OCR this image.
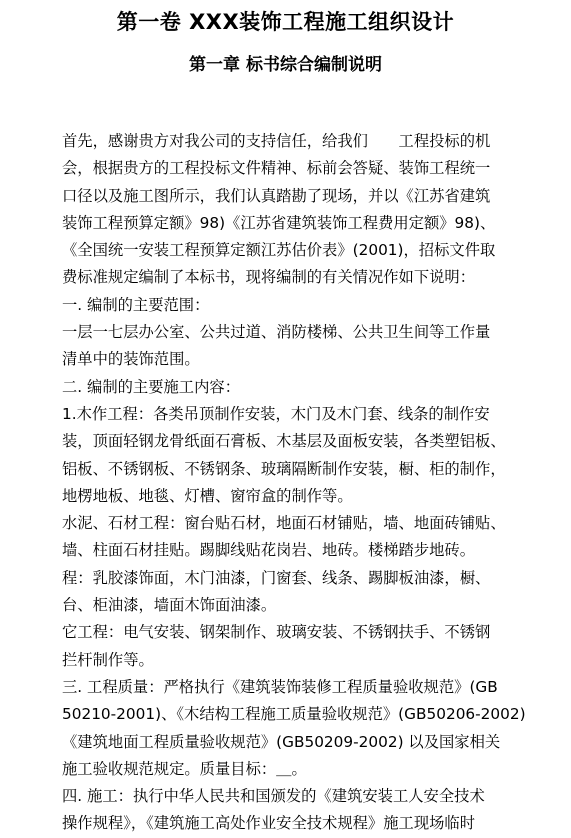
第一卷 XXX装饰工程施工组织设计
第一章 标书综合编制说明

首先，感谢贵方对我公司的支持信任，给我们　　工程投标的机

会，根据贵方的工程投标文件精神、标前会答疑、装饰工程统一

口径以及施工图所示，我们认真踏勘了现场，并以《江苏省建筑

装饰工程预算定额》98)《江苏省建筑装饰工程费用定额》98)、

《全国统一安装工程预算定额江苏估价表》(2001)，招标文件取

费标准规定编制了本标书，现将编制的有关情况作如下说明：

一. 编制的主要范围：

一层一七层办公室、公共过道、消防楼梯、公共卫生间等工作量

清单中的装饰范围。

二. 编制的主要施工内容：

1.木作工程：各类吊顶制作安装，木门及木门套、线条的制作安

装，顶面轻钢龙骨纸面石膏板、木基层及面板安装，各类塑铝板、

铝板、不锈钢板、不锈钢条、玻璃隔断制作安装，橱、柜的制作，

地楞地板、地毯、灯槽、窗帘盒的制作等。

水泥、石材工程：窗台贴石材，地面石材铺贴，墙、地面砖铺贴、

墙、柱面石材挂贴。踢脚线贴花岗岩、地砖。楼梯踏步地砖。

程：乳胶漆饰面，木门油漆，门窗套、线条、踢脚板油漆，橱、

台、柜油漆，墙面木饰面油漆。

它工程：电气安装、钢架制作、玻璃安装、不锈钢扶手、不锈钢

拦杆制作等。

三. 工程质量：严格执行《建筑装饰装修工程质量验收规范》(GB

50210-2001)、《木结构工程施工质量验收规范》(GB50206-2002)

《建筑地面工程质量验收规范》(GB50209-2002) 以及国家相关

施工验收规范规定。质量目标：＿。

四. 施工：执行中华人民共和国颁发的《建筑安装工人安全技术

操作规程》，《建筑施工高处作业安全技术规程》施工现场临时
